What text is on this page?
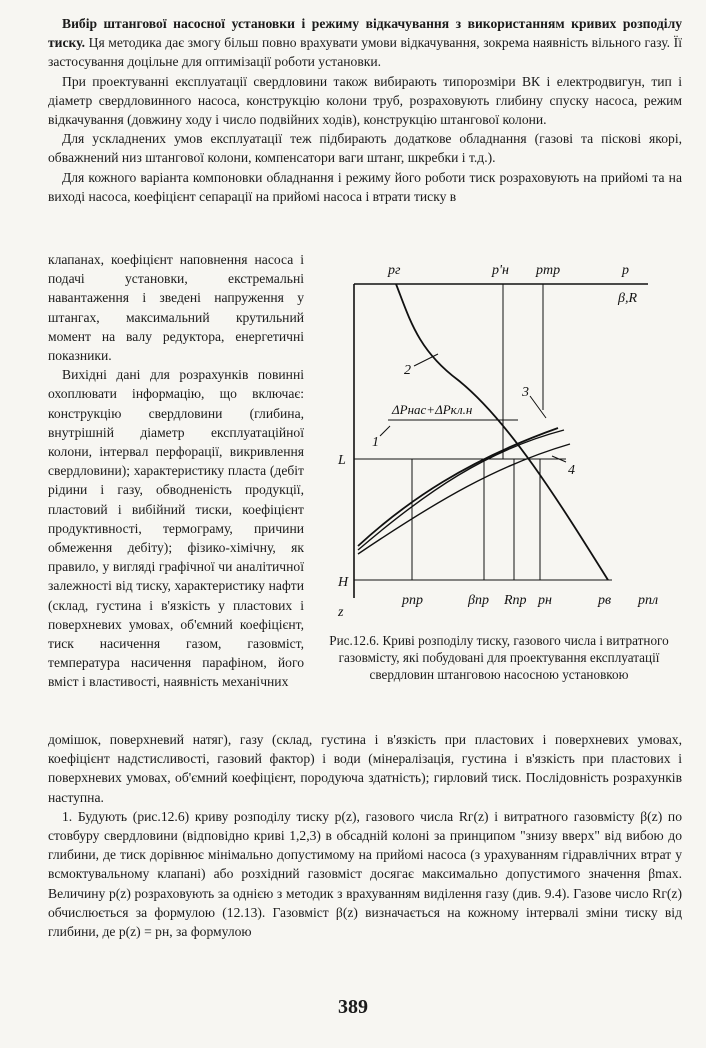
Вибір штангової насосної установки і режиму відкачування з використанням кривих розподілу тиску. Ця методика дає змогу більш повно врахувати умови відкачування, зокрема наявність вільного газу. Її застосування доцільне для оптимізації роботи установки.

При проектуванні експлуатації свердловини також вибирають типорозміри ВК і електродвигун, тип і діаметр свердловинного насоса, конструкцію колони труб, розраховують глибину спуску насоса, режим відкачування (довжину ходу і число подвійних ходів), конструкцію штангової колони.

Для ускладнених умов експлуатації теж підбирають додаткове обладнання (газові та піскові якорі, обважнений низ штангової колони, компенсатори ваги штанг, шкребки і т.д.).

Для кожного варіанта компоновки обладнання і режиму його роботи тиск розраховують на прийомі та на виході насоса, коефіцієнт сепарації на прийомі насоса і втрати тиску в

клапанах, коефіцієнт наповнення насоса і подачі установки, екстремальні навантаження і зведені напруження у штангах, максимальний крутильний момент на валу редуктора, енергетичні показники.

Вихідні дані для розрахунків повинні охоплювати інформацію, що включає: конструкцію свердловини (глибина, внутрішній діаметр експлуатаційної колони, інтервал перфорації, викривлення свердловини); характеристику пласта (дебіт рідини і газу, обводненість продукції, пластовий і вибійний тиски, коефіцієнт продуктивності, термограму, причини обмеження дебіту); фізико-хімічну, як правило, у вигляді графічної чи аналітичної залежності від тиску, характеристику нафти (склад, густина і в'язкість у пластових і поверхневих умовах, об'ємний коефіцієнт, тиск насичення газом, газовміст, температура насичення парафіном, його вміст і властивості, наявність механічних

pг	p'н pтр	p
β,R
L
H
z
1
2
3
4
ΔPнас+ΔPкл.н
pпр	βпр Rпр pн	pв pпл
Рис.12.6. Криві розподілу тиску, газового числа і витратного газовмісту, які побудовані для проектування експлуатації свердловин штанговою насосною установкою

домішок, поверхневий натяг), газу (склад, густина і в'язкість при пластових і поверхневих умовах, коефіцієнт надстисливості, газовий фактор) і води (мінералізація, густина і в'язкість при пластових і поверхневих умовах, об'ємний коефіцієнт, породуюча здатність); гирловий тиск. Послідовність розрахунків наступна.

1. Будують (рис.12.6) криву розподілу тиску p(z), газового числа Rг(z) і витратного газовмісту β(z) по стовбуру свердловини (відповідно криві 1,2,3) в обсадній колоні за принципом "знизу вверх" від вибою до глибини, де тиск дорівнює мінімально допустимому на прийомі насоса (з урахуванням гідравлічних втрат у всмоктувальному клапані) або розхідний газовміст досягає максимально допустимого значення βmax. Величину p(z) розраховують за однією з методик з врахуванням виділення газу (див. 9.4). Газове число Rг(z) обчислюється за формулою (12.13). Газовміст β(z) визначається на кожному інтервалі зміни тиску від глибини, де p(z) = pн, за формулою

389
